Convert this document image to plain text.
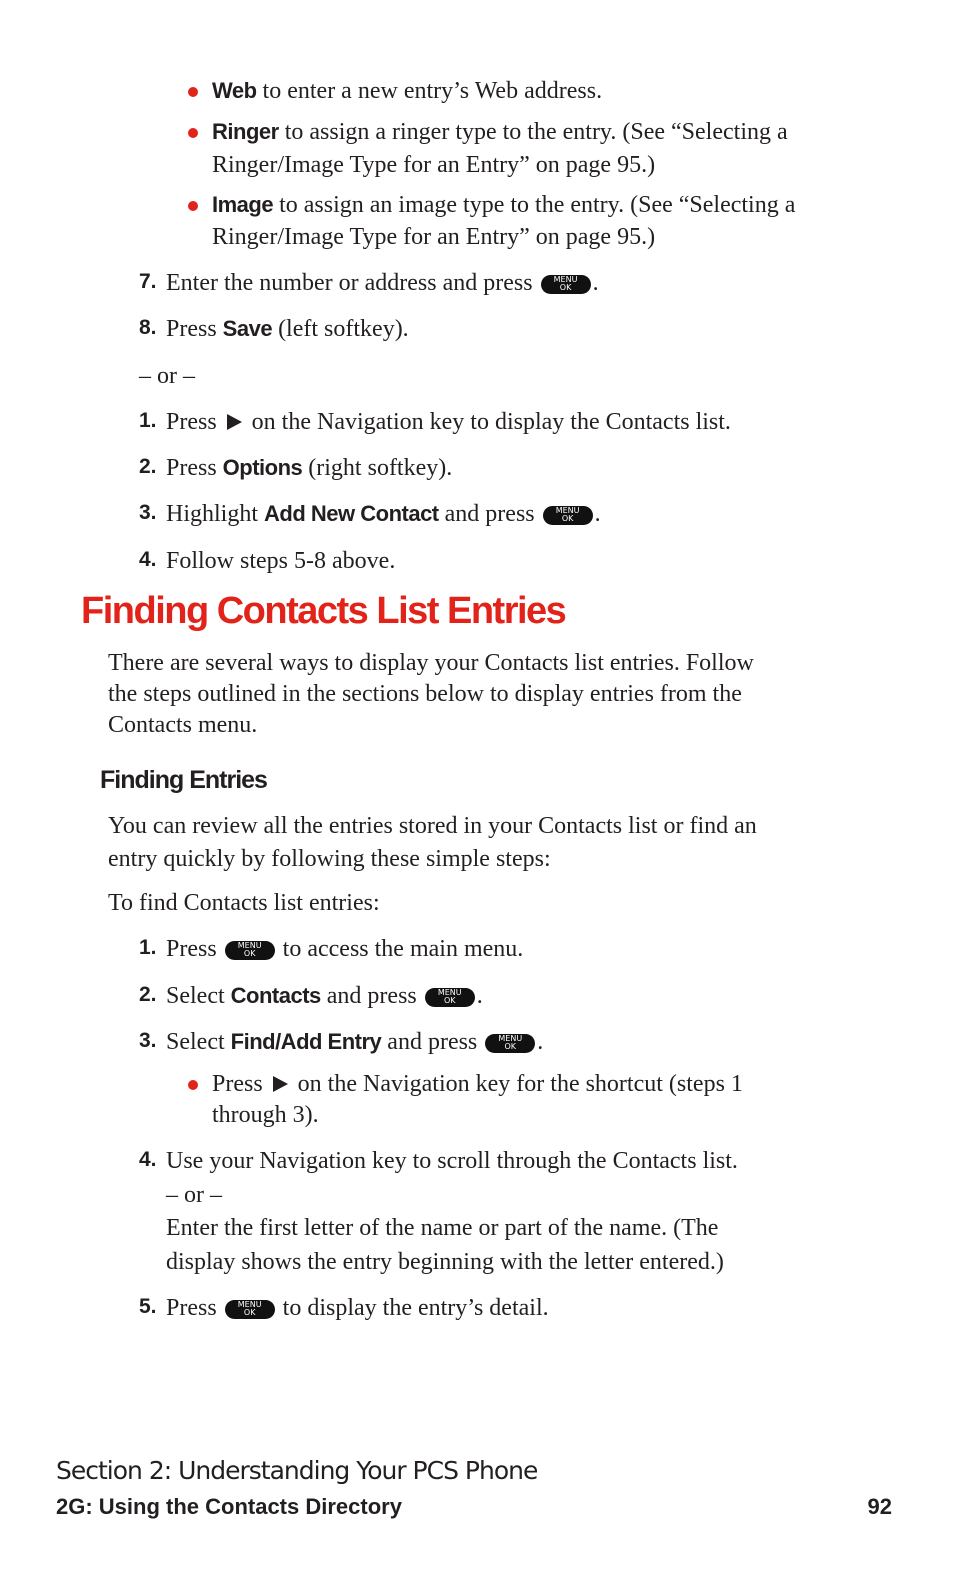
Web to enter a new entry’s Web address.
Ringer to assign a ringer type to the entry. (See “Selecting a
Ringer/Image Type for an Entry” on page 95.)
Image to assign an image type to the entry. (See “Selecting a
Ringer/Image Type for an Entry” on page 95.)
7. Enter the number or address and press	MENU
OK .
8. Press Save (left softkey).
– or –
1. Press  on the Navigation key to display the Contacts list.
2. Press Options (right softkey).
3. Highlight Add New Contact and press	MENU
OK .
4. Follow steps 5-8 above.
Finding Contacts List Entries
There are several ways to display your Contacts list entries. Follow
the steps outlined in the sections below to display entries from the
Contacts menu.
Finding Entries
You can review all the entries stored in your Contacts list or find an
entry quickly by following these simple steps:
To find Contacts list entries:
1. Press	MENU
OK to access the main menu.
2. Select Contacts and press	MENU
OK .
3. Select Find/Add Entry and press	MENU
OK .
Press  on the Navigation key for the shortcut (steps 1
through 3).
4. Use your Navigation key to scroll through the Contacts list.
– or –
Enter the first letter of the name or part of the name. (The
display shows the entry beginning with the letter entered.)
5. Press	MENU
OK to display the entry’s detail.
Section 2: Understanding Your PCS Phone
2G: Using the Contacts Directory	92
